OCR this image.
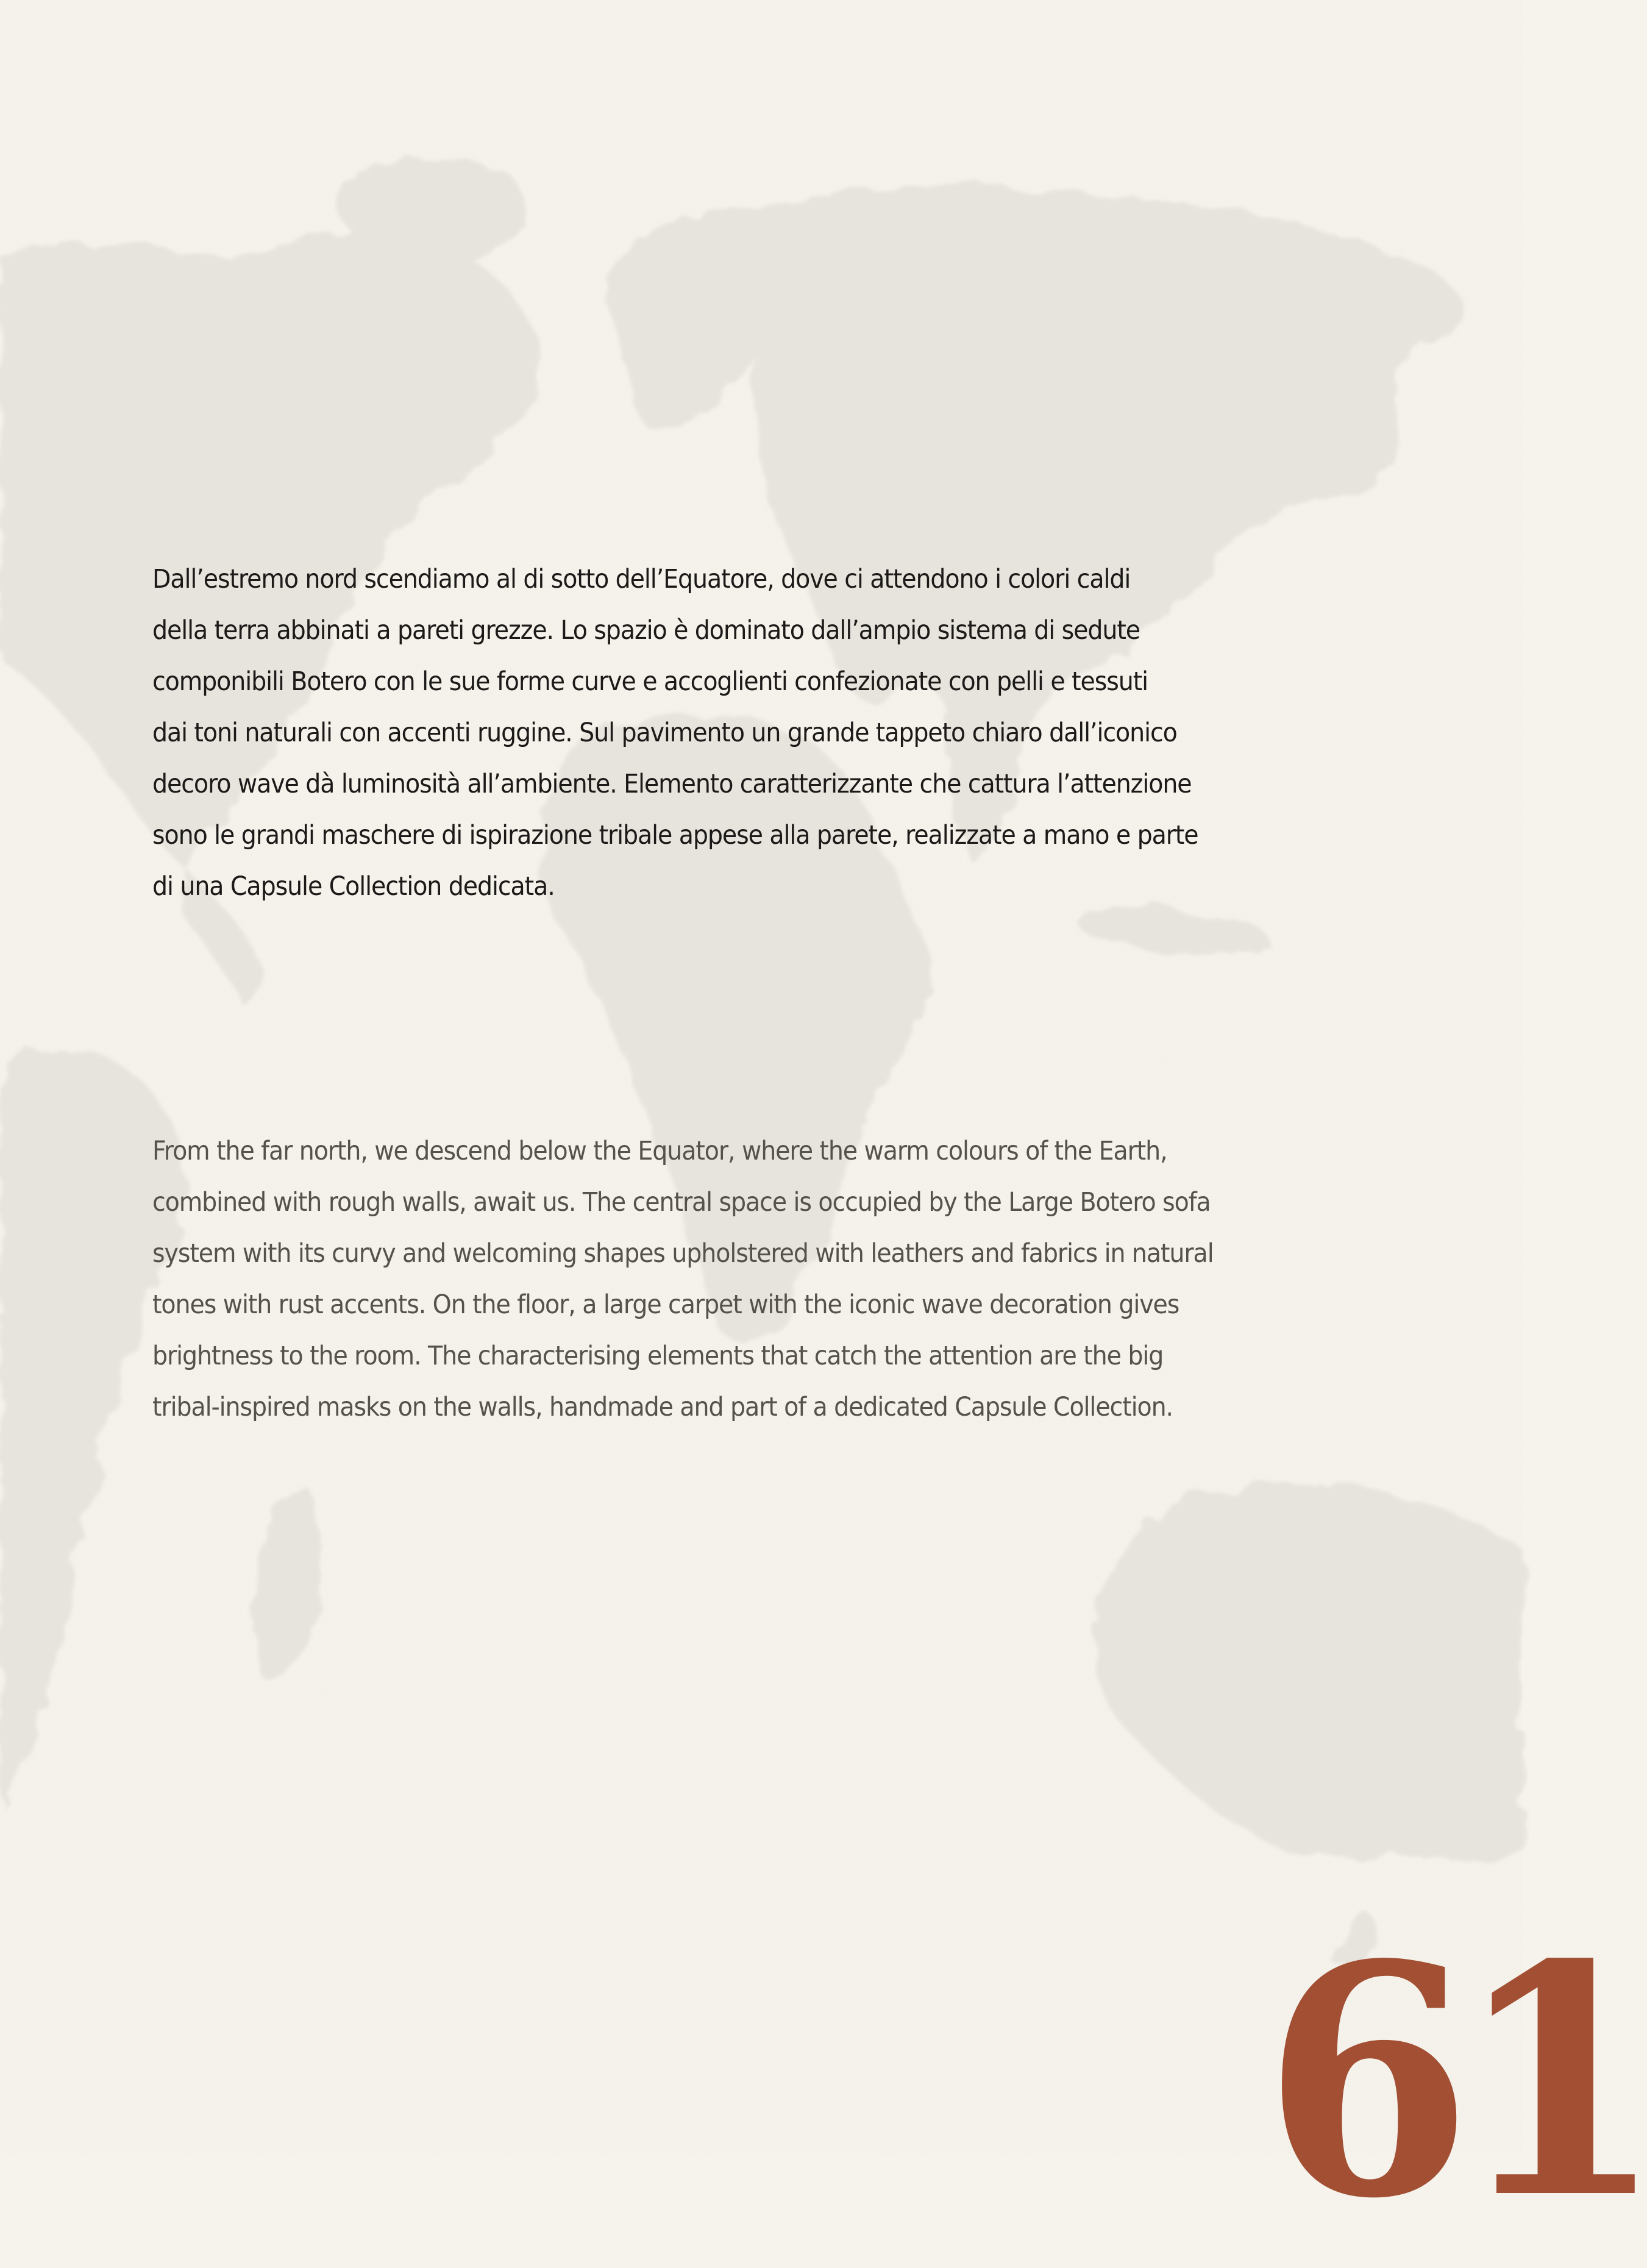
Dall’estremo nord scendiamo al di sotto dell’Equatore, dove ci attendono i colori caldi
della terra abbinati a pareti grezze. Lo spazio è dominato dall’ampio sistema di sedute
componibili Botero con le sue forme curve e accoglienti confezionate con pelli e tessuti
dai toni naturali con accenti ruggine. Sul pavimento un grande tappeto chiaro dall’iconico
decoro wave dà luminosità all’ambiente. Elemento caratterizzante che cattura l’attenzione
sono le grandi maschere di ispirazione tribale appese alla parete, realizzate a mano e parte
di una Capsule Collection dedicata.

From the far north, we descend below the Equator, where the warm colours of the Earth,
combined with rough walls, await us. The central space is occupied by the Large Botero sofa
system with its curvy and welcoming shapes upholstered with leathers and fabrics in natural
tones with rust accents. On the floor, a large carpet with the iconic wave decoration gives
brightness to the room. The characterising elements that catch the attention are the big
tribal-inspired masks on the walls, handmade and part of a dedicated Capsule Collection.

61
